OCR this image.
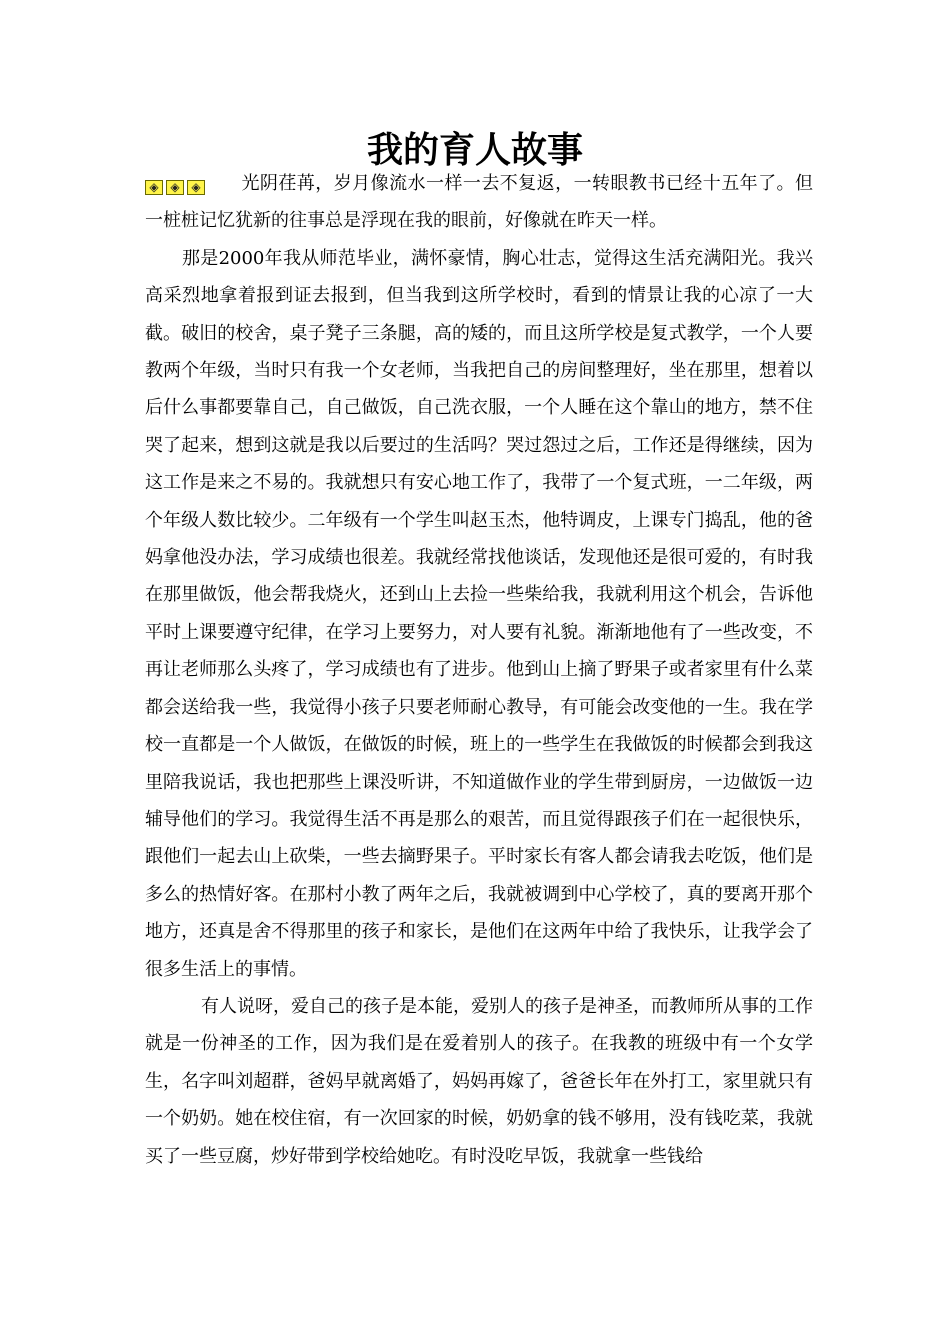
我的育人故事

◈ ◈ ◈ 光阴荏苒，岁月像流水一样一去不复返，一转眼教书已经十五年了。但一桩桩记忆犹新的往事总是浮现在我的眼前，好像就在昨天一样。

那是2000年我从师范毕业，满怀豪情，胸心壮志，觉得这生活充满阳光。我兴高采烈地拿着报到证去报到，但当我到这所学校时，看到的情景让我的心凉了一大截。破旧的校舍，桌子凳子三条腿，高的矮的，而且这所学校是复式教学，一个人要教两个年级，当时只有我一个女老师，当我把自己的房间整理好，坐在那里，想着以后什么事都要靠自己，自己做饭，自己洗衣服，一个人睡在这个靠山的地方，禁不住哭了起来，想到这就是我以后要过的生活吗？哭过怨过之后，工作还是得继续，因为这工作是来之不易的。我就想只有安心地工作了，我带了一个复式班，一二年级，两个年级人数比较少。二年级有一个学生叫赵玉杰，他特调皮，上课专门捣乱，他的爸妈拿他没办法，学习成绩也很差。我就经常找他谈话，发现他还是很可爱的，有时我在那里做饭，他会帮我烧火，还到山上去捡一些柴给我，我就利用这个机会，告诉他平时上课要遵守纪律，在学习上要努力，对人要有礼貌。渐渐地他有了一些改变，不再让老师那么头疼了，学习成绩也有了进步。他到山上摘了野果子或者家里有什么菜都会送给我一些，我觉得小孩子只要老师耐心教导，有可能会改变他的一生。我在学校一直都是一个人做饭，在做饭的时候，班上的一些学生在我做饭的时候都会到我这里陪我说话，我也把那些上课没听讲，不知道做作业的学生带到厨房，一边做饭一边辅导他们的学习。我觉得生活不再是那么的艰苦，而且觉得跟孩子们在一起很快乐，跟他们一起去山上砍柴，一些去摘野果子。平时家长有客人都会请我去吃饭，他们是多么的热情好客。在那村小教了两年之后，我就被调到中心学校了，真的要离开那个地方，还真是舍不得那里的孩子和家长，是他们在这两年中给了我快乐，让我学会了很多生活上的事情。

有人说呀，爱自己的孩子是本能，爱别人的孩子是神圣，而教师所从事的工作就是一份神圣的工作，因为我们是在爱着别人的孩子。在我教的班级中有一个女学生，名字叫刘超群，爸妈早就离婚了，妈妈再嫁了，爸爸长年在外打工，家里就只有一个奶奶。她在校住宿，有一次回家的时候，奶奶拿的钱不够用，没有钱吃菜，我就买了一些豆腐，炒好带到学校给她吃。有时没吃早饭，我就拿一些钱给
